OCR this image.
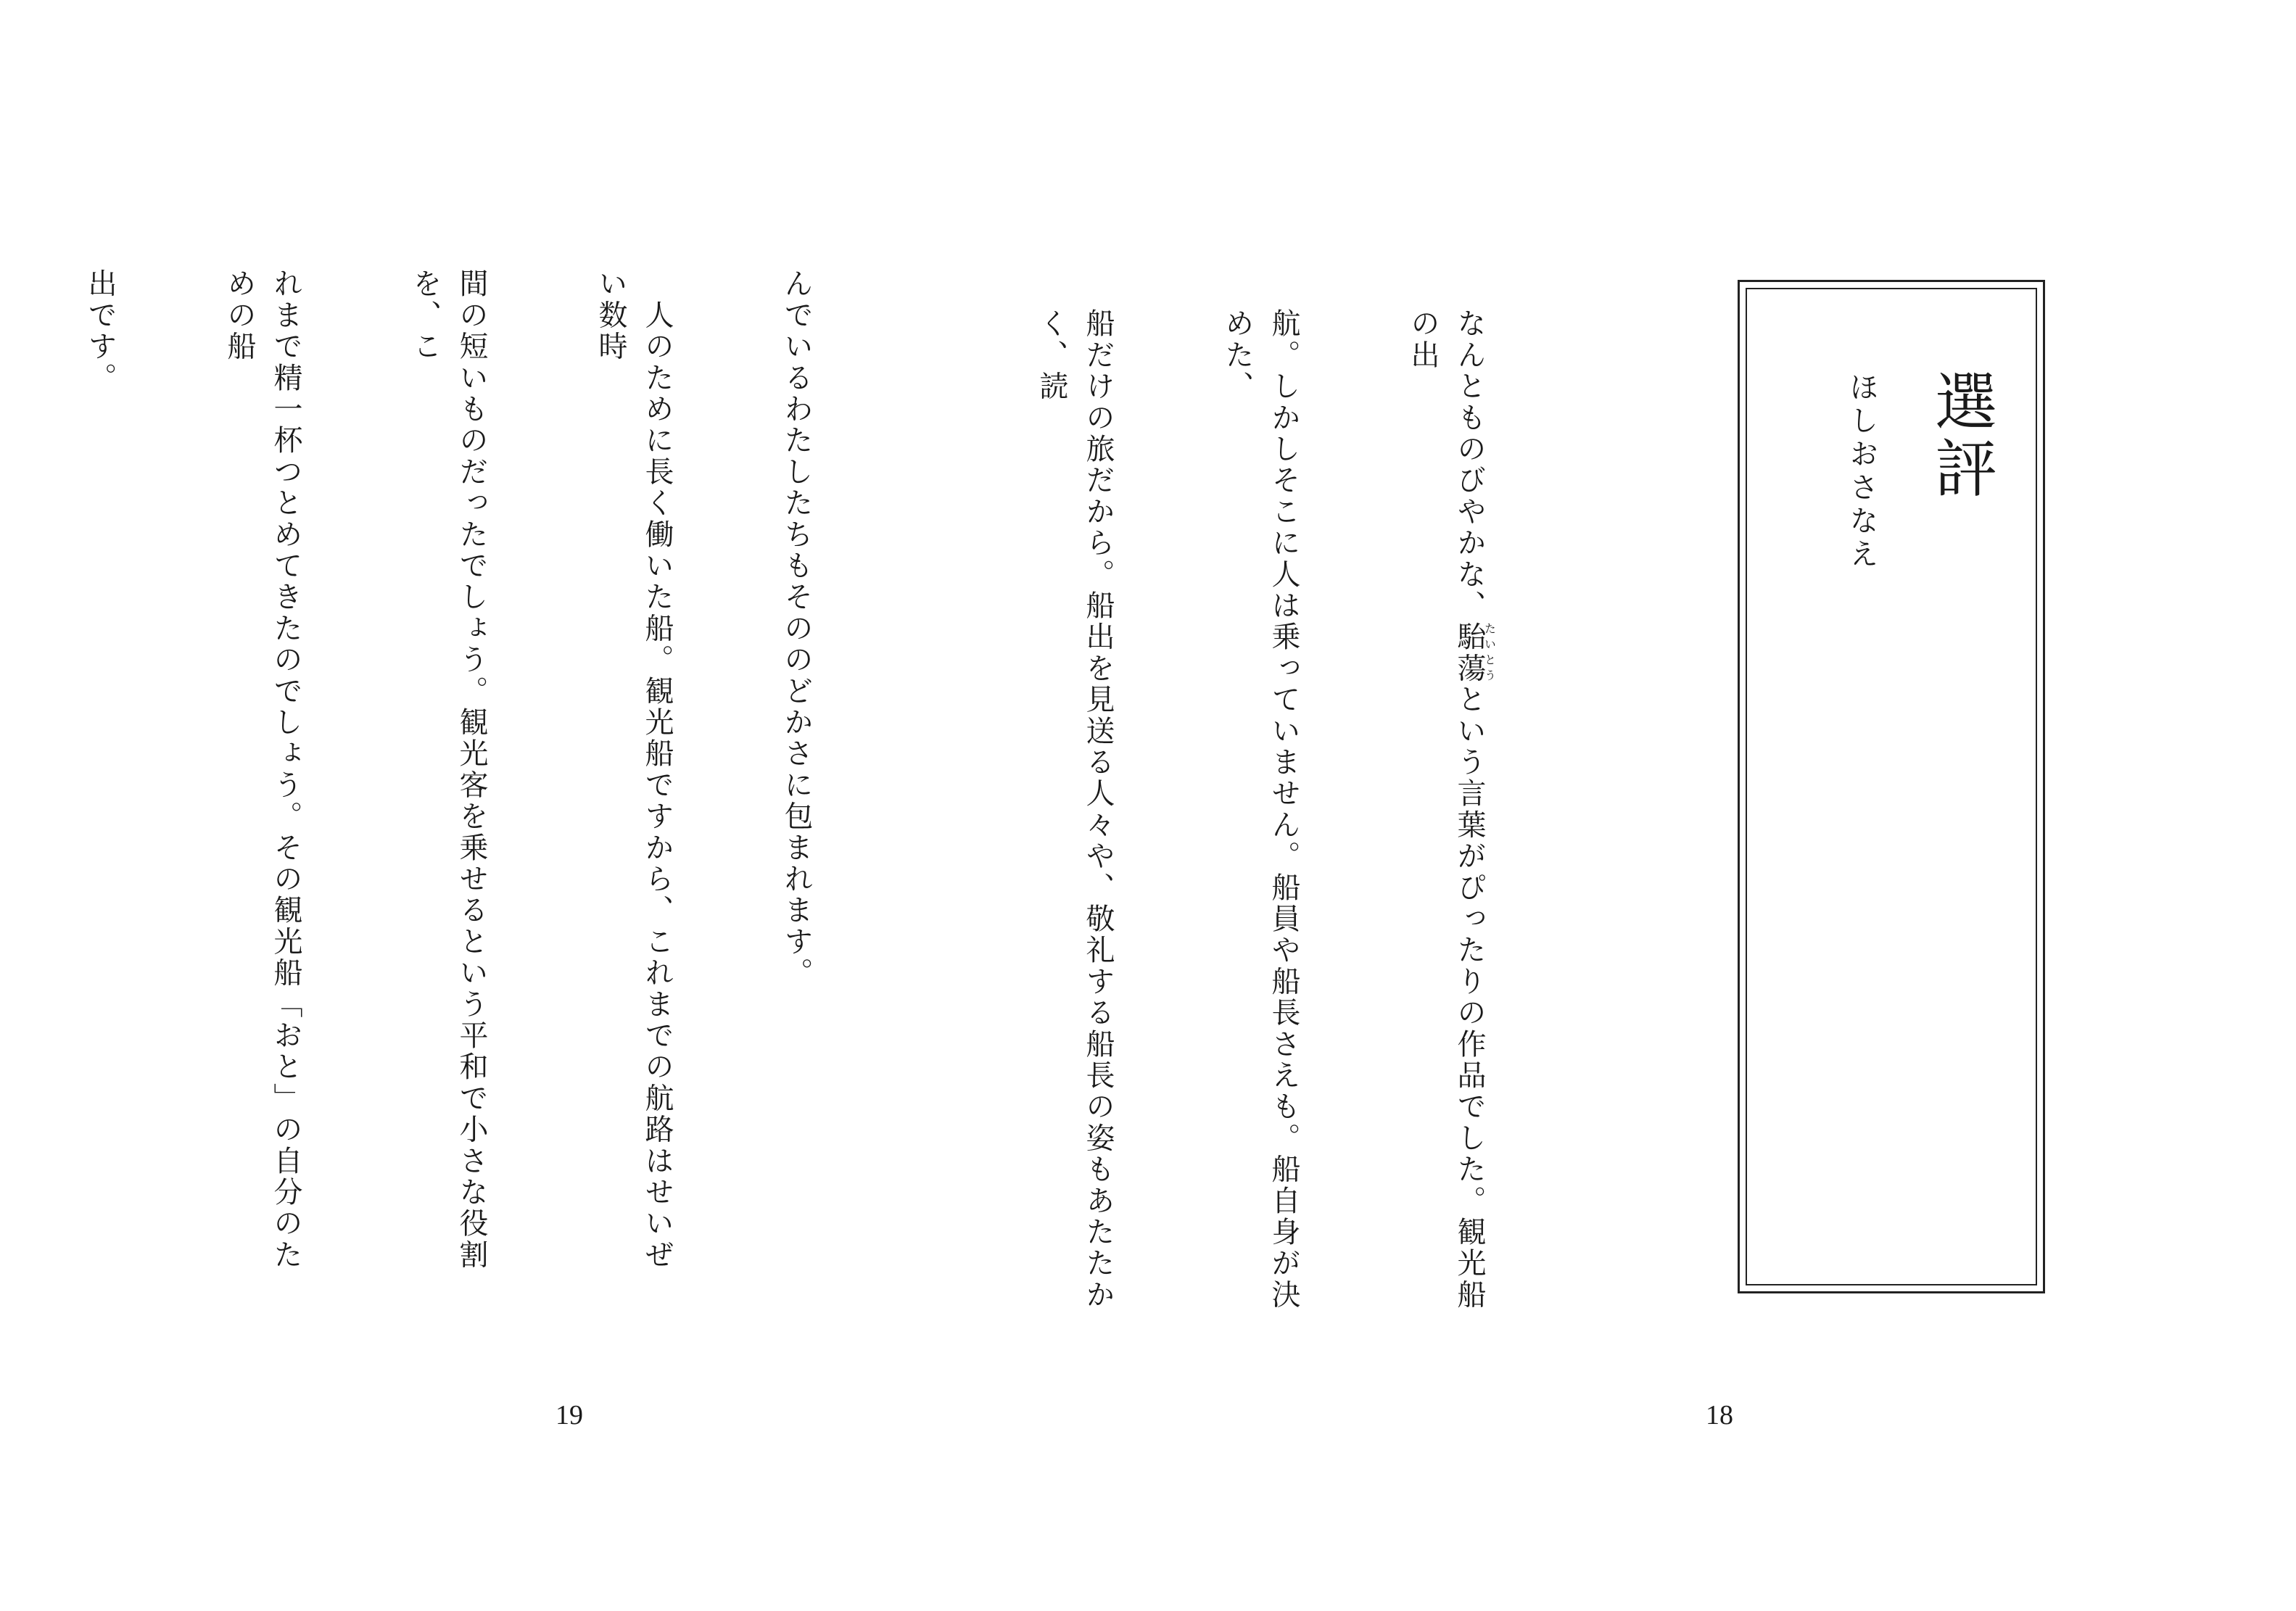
選評
ほしおさなえ

なんとものびやかな、駘蕩たいとうという言葉がぴったりの作品でした。観光船の出

航。しかしそこに人は乗っていません。船員や船長さえも。船自身が決めた、

船だけの旅だから。船出を見送る人々や、敬礼する船長の姿もあたたかく、読

18

んでいるわたしたちもそののどかさに包まれます。

　人のために長く働いた船。観光船ですから、これまでの航路はせいぜい数時

間の短いものだったでしょう。観光客を乗せるという平和で小さな役割を、こ

れまで精一杯つとめてきたのでしょう。その観光船「おと」の自分のための船

出です。

19
